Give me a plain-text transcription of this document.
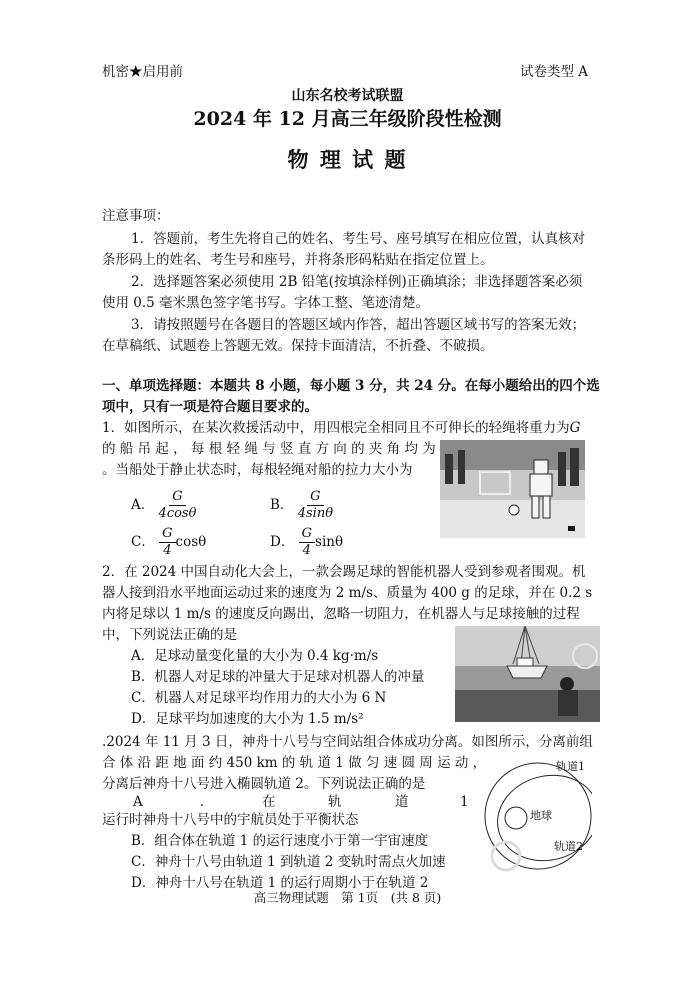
机密★启用前	试卷类型 A
山东名校考试联盟
2024 年 12 月高三年级阶段性检测
物 理 试 题
注意事项：
1．答题前，考生先将自己的姓名、考生号、座号填写在相应位置，认真核对
条形码上的姓名、考生号和座号，并将条形码粘贴在指定位置上。
2．选择题答案必须使用 2B 铅笔(按填涂样例)正确填涂；非选择题答案必须
使用 0.5 毫米黑色签字笔书写。字体工整、笔迹清楚。
3．请按照题号在各题目的答题区域内作答，超出答题区域书写的答案无效；
在草稿纸、试题卷上答题无效。保持卡面清洁，不折叠、不破损。
一、单项选择题：本题共 8 小题，每小题 3 分，共 24 分。在每小题给出的四个选
项中，只有一项是符合题目要求的。
1．如图所示，在某次救援活动中，用四根完全相同且不可伸长的轻绳将重力为G
的 船 吊 起 ， 每 根 轻 绳 与 竖 直 方 向 的 夹 角 均 为
。当船处于静止状态时，每根轻绳对船的拉力大小为
A． $\frac{G}{4\cos\theta}$	B． $\frac{G}{4\sin\theta}$
C． $\frac{G}{4}$ cosθ	D． $\frac{G}{4}$ sinθ
2．在 2024 中国自动化大会上，一款会踢足球的智能机器人受到参观者围观。机
器人接到沿水平地面运动过来的速度为 2 m/s、质量为 400 g 的足球，并在 0.2 s
内将足球以 1 m/s 的速度反向踢出，忽略一切阻力，在机器人与足球接触的过程
中，下列说法正确的是
A．足球动量变化量的大小为 0.4 kg·m/s
B．机器人对足球的冲量大于足球对机器人的冲量
C．机器人对足球平均作用力的大小为 6 N
D．足球平均加速度的大小为 1.5 m/s²
.2024 年 11 月 3 日，神舟十八号与空间站组合体成功分离。如图所示，分离前组
合 体 沿 距 地 面 约 450 km 的 轨 道 1 做 匀 速 圆 周 运 动 ，
分离后神舟十八号进入椭圆轨道 2。下列说法正确的是
A	．	在	轨	道	1
运行时神舟十八号中的宇航员处于平衡状态
B．组合体在轨道 1 的运行速度小于第一宇宙速度
C．神舟十八号由轨道 1 到轨道 2 变轨时需点火加速
D．神舟十八号在轨道 1 的运行周期小于在轨道 2
轨道1
地球
轨道2
高三物理试题　第 1页　(共 8 页)
